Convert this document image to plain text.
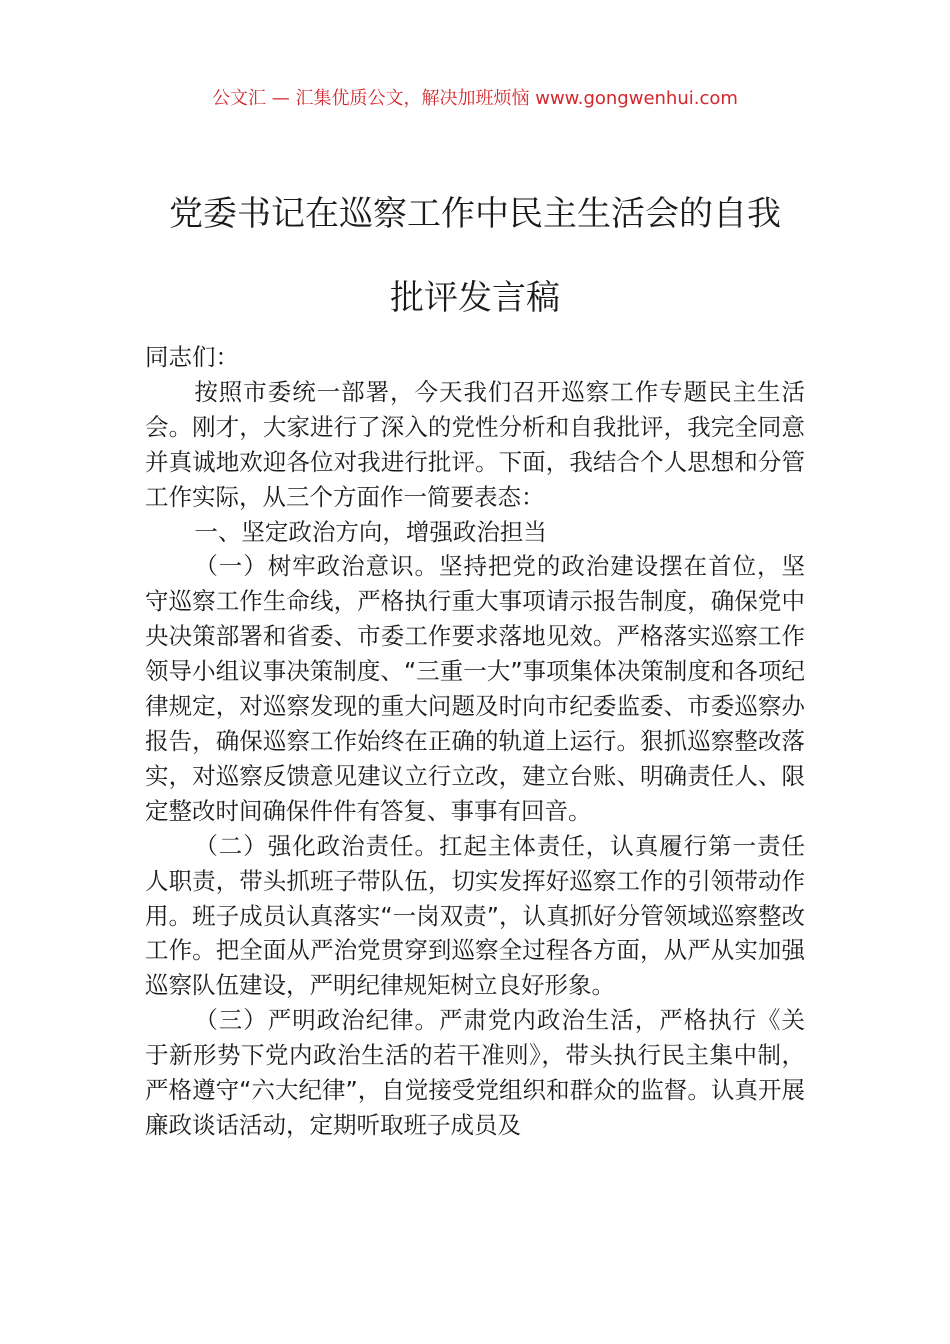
公文汇 — 汇集优质公文，解决加班烦恼 www.gongwenhui.com
党委书记在巡察工作中民主生活会的自我
批评发言稿

同志们：

按照市委统一部署，今天我们召开巡察工作专题民主生活会。刚才，大家进行了深入的党性分析和自我批评，我完全同意并真诚地欢迎各位对我进行批评。下面，我结合个人思想和分管工作实际，从三个方面作一简要表态：

一、坚定政治方向，增强政治担当

（一）树牢政治意识。坚持把党的政治建设摆在首位，坚守巡察工作生命线，严格执行重大事项请示报告制度，确保党中央决策部署和省委、市委工作要求落地见效。严格落实巡察工作领导小组议事决策制度、“三重一大”事项集体决策制度和各项纪律规定，对巡察发现的重大问题及时向市纪委监委、市委巡察办报告，确保巡察工作始终在正确的轨道上运行。狠抓巡察整改落实，对巡察反馈意见建议立行立改，建立台账、明确责任人、限定整改时间确保件件有答复、事事有回音。

（二）强化政治责任。扛起主体责任，认真履行第一责任人职责，带头抓班子带队伍，切实发挥好巡察工作的引领带动作用。班子成员认真落实“一岗双责”，认真抓好分管领域巡察整改工作。把全面从严治党贯穿到巡察全过程各方面，从严从实加强巡察队伍建设，严明纪律规矩树立良好形象。

（三）严明政治纪律。严肃党内政治生活，严格执行《关于新形势下党内政治生活的若干准则》，带头执行民主集中制，严格遵守“六大纪律”，自觉接受党组织和群众的监督。认真开展廉政谈话活动，定期听取班子成员及
